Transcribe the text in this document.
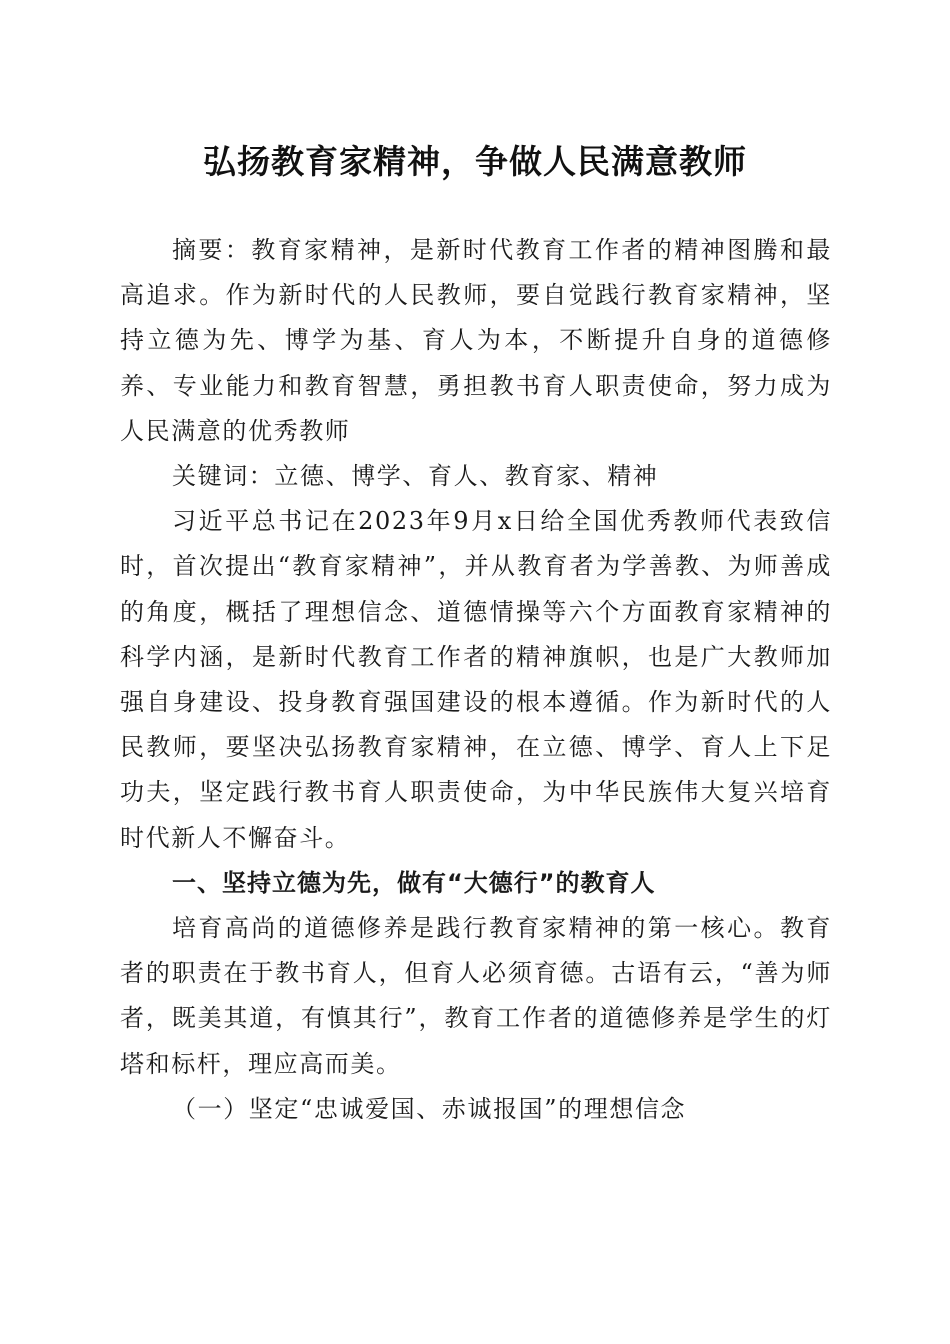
弘扬教育家精神，争做人民满意教师

摘要：教育家精神，是新时代教育工作者的精神图腾和最高追求。作为新时代的人民教师，要自觉践行教育家精神，坚持立德为先、博学为基、育人为本，不断提升自身的道德修养、专业能力和教育智慧，勇担教书育人职责使命，努力成为人民满意的优秀教师

关键词：立德、博学、育人、教育家、精神

习近平总书记在2023年9月x日给全国优秀教师代表致信时，首次提出“教育家精神”，并从教育者为学善教、为师善成的角度，概括了理想信念、道德情操等六个方面教育家精神的科学内涵，是新时代教育工作者的精神旗帜，也是广大教师加强自身建设、投身教育强国建设的根本遵循。作为新时代的人民教师，要坚决弘扬教育家精神，在立德、博学、育人上下足功夫，坚定践行教书育人职责使命，为中华民族伟大复兴培育时代新人不懈奋斗。

一、坚持立德为先，做有“大德行”的教育人

培育高尚的道德修养是践行教育家精神的第一核心。教育者的职责在于教书育人，但育人必须育德。古语有云，“善为师者，既美其道，有慎其行”，教育工作者的道德修养是学生的灯塔和标杆，理应高而美。

（一）坚定“忠诚爱国、赤诚报国”的理想信念
